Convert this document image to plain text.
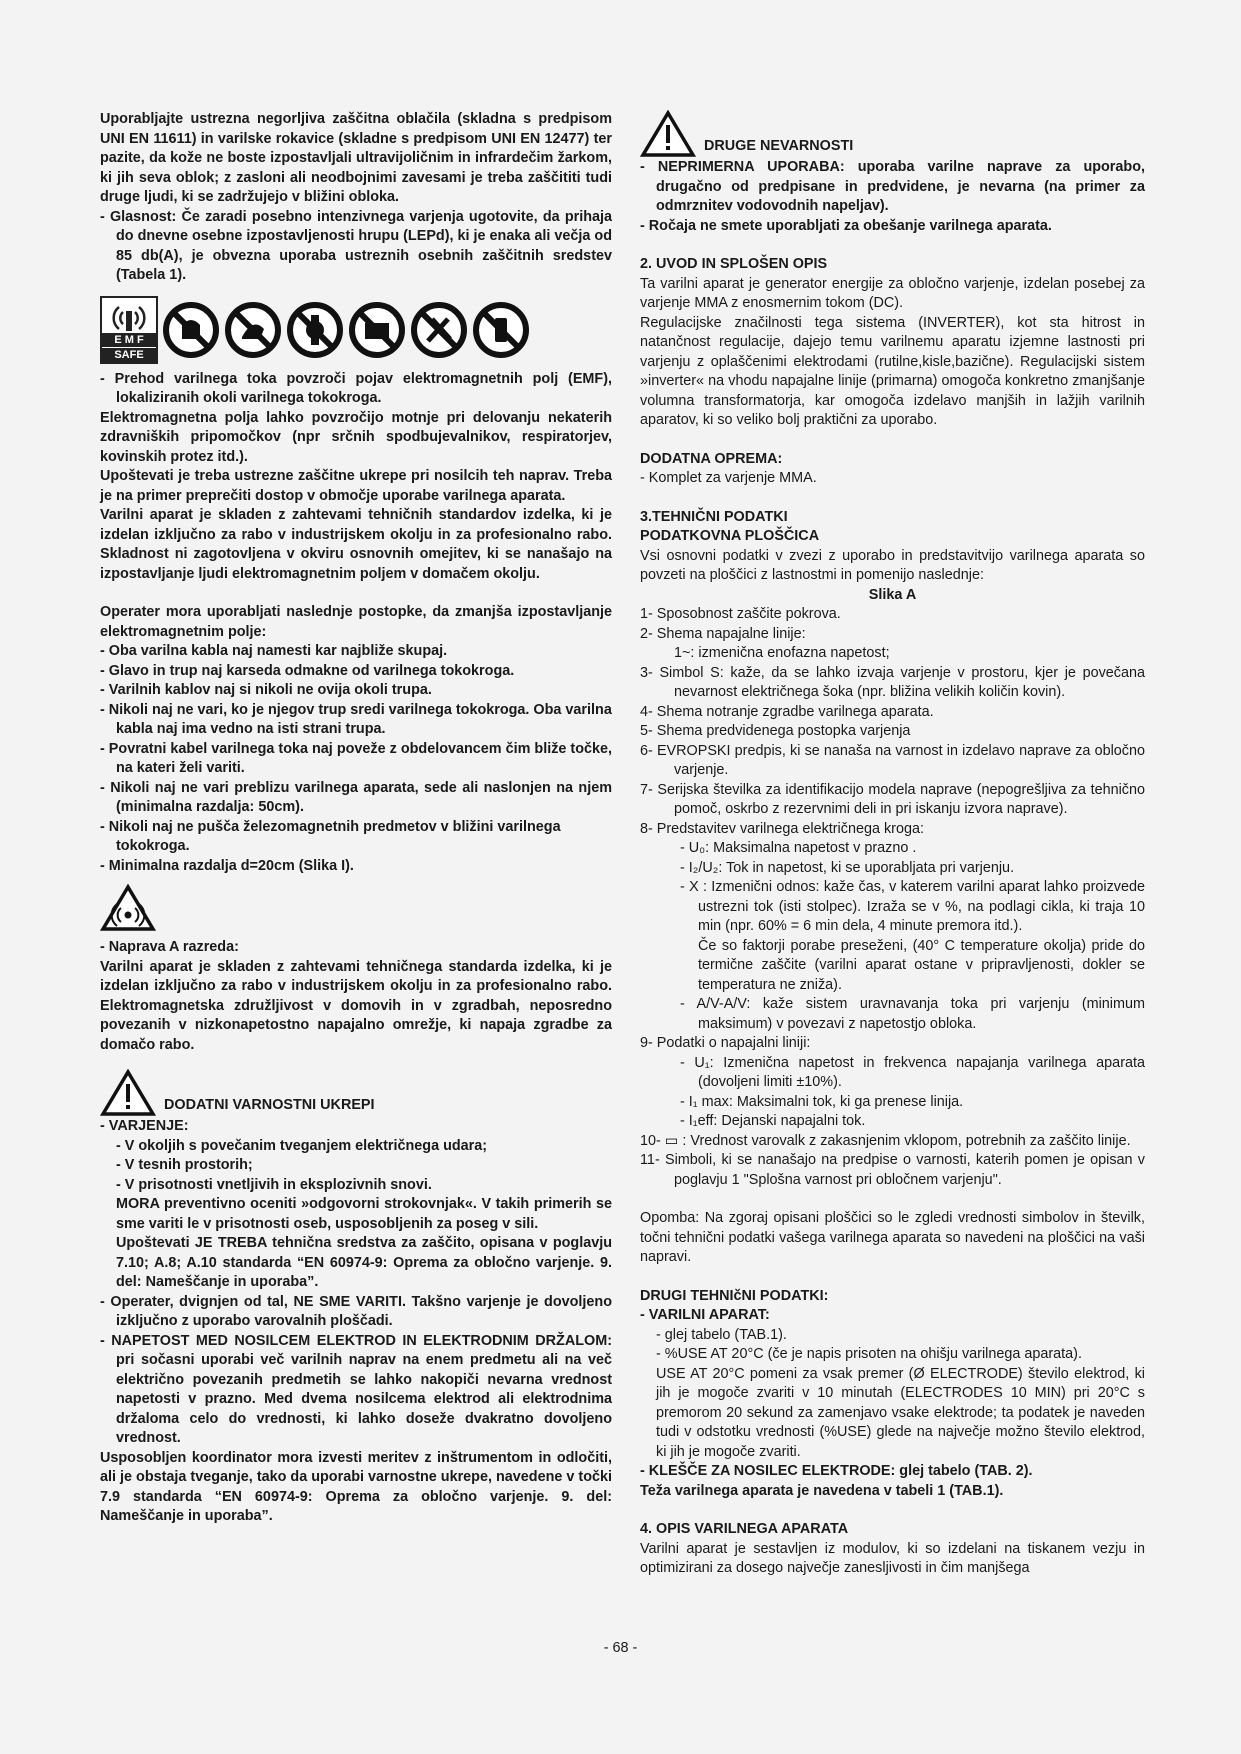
Uporabljajte ustrezna negorljiva zaščitna oblačila (skladna s predpisom UNI EN 11611) in varilske rokavice (skladne s predpisom UNI EN 12477) ter pazite, da kože ne boste izpostavljali ultravijoličnim in infrardečim žarkom, ki jih seva oblok; z zasloni ali neodbojnimi zavesami je treba zaščititi tudi druge ljudi, ki se zadržujejo v bližini obloka.

- Glasnost: Če zaradi posebno intenzivnega varjenja ugotovite, da prihaja do dnevne osebne izpostavljenosti hrupu (LEPd), ki je enaka ali večja od 85 db(A), je obvezna uporaba ustreznih osebnih zaščitnih sredstev (Tabela 1).

E M F
SAFE

- Prehod varilnega toka povzroči pojav elektromagnetnih polj (EMF), lokaliziranih okoli varilnega tokokroga.

Elektromagnetna polja lahko povzročijo motnje pri delovanju nekaterih zdravniških pripomočkov (npr srčnih spodbujevalnikov, respiratorjev, kovinskih protez itd.).

Upoštevati je treba ustrezne zaščitne ukrepe pri nosilcih teh naprav. Treba je na primer preprečiti dostop v območje uporabe varilnega aparata.

Varilni aparat je skladen z zahtevami tehničnih standardov izdelka, ki je izdelan izključno za rabo v industrijskem okolju in za profesionalno rabo. Skladnost ni zagotovljena v okviru osnovnih omejitev, ki se nanašajo na izpostavljanje ljudi elektromagnetnim poljem v domačem okolju.

Operater mora uporabljati naslednje postopke, da zmanjša izpostavljanje elektromagnetnim polje:

- Oba varilna kabla naj namesti kar najbliže skupaj.

- Glavo in trup naj karseda odmakne od varilnega tokokroga.

- Varilnih kablov naj si nikoli ne ovija okoli trupa.

- Nikoli naj ne vari, ko je njegov trup sredi varilnega tokokroga. Oba varilna kabla naj ima vedno na isti strani trupa.

- Povratni kabel varilnega toka naj poveže z obdelovancem čim bliže točke, na kateri želi variti.

- Nikoli naj ne vari preblizu varilnega aparata, sede ali naslonjen na njem (minimalna razdalja: 50cm).

- Nikoli naj ne pušča železomagnetnih predmetov v bližini varilnega tokokroga.

- Minimalna razdalja d=20cm (Slika I).

- Naprava A razreda:

Varilni aparat je skladen z zahtevami tehničnega standarda izdelka, ki je izdelan izključno za rabo v industrijskem okolju in za profesionalno rabo. Elektromagnetska združljivost v domovih in v zgradbah, neposredno povezanih v nizkonapetostno napajalno omrežje, ki napaja zgradbe za domačo rabo.

DODATNI VARNOSTNI UKREPI

- VARJENJE:

- V okoljih s povečanim tveganjem električnega udara;

- V tesnih prostorih;

- V prisotnosti vnetljivih in eksplozivnih snovi.

MORA preventivno oceniti »odgovorni strokovnjak«. V takih primerih se sme variti le v prisotnosti oseb, usposobljenih za poseg v sili.

Upoštevati JE TREBA tehnična sredstva za zaščito, opisana v poglavju 7.10; A.8; A.10 standarda “EN 60974-9: Oprema za obločno varjenje. 9. del: Nameščanje in uporaba”.

- Operater, dvignjen od tal, NE SME VARITI. Takšno varjenje je dovoljeno izključno z uporabo varovalnih ploščadi.

- NAPETOST MED NOSILCEM ELEKTROD IN ELEKTRODNIM DRŽALOM: pri sočasni uporabi več varilnih naprav na enem predmetu ali na več električno povezanih predmetih se lahko nakopiči nevarna vrednost napetosti v prazno. Med dvema nosilcema elektrod ali elektrodnima držaloma celo do vrednosti, ki lahko doseže dvakratno dovoljeno vrednost.

Usposobljen koordinator mora izvesti meritev z inštrumentom in odločiti, ali je obstaja tveganje, tako da uporabi varnostne ukrepe, navedene v točki 7.9 standarda “EN 60974-9: Oprema za obločno varjenje. 9. del: Nameščanje in uporaba”.

DRUGE NEVARNOSTI

- NEPRIMERNA UPORABA: uporaba varilne naprave za uporabo, drugačno od predpisane in predvidene, je nevarna (na primer za odmrznitev vodovodnih napeljav).

- Ročaja ne smete uporabljati za obešanje varilnega aparata.

2. UVOD IN SPLOŠEN OPIS

Ta varilni aparat je generator energije za obločno varjenje, izdelan posebej za varjenje MMA z enosmernim tokom (DC).

Regulacijske značilnosti tega sistema (INVERTER), kot sta hitrost in natančnost regulacije, dajejo temu varilnemu aparatu izjemne lastnosti pri varjenju z oplaščenimi elektrodami (rutilne,kisle,bazične). Regulacijski sistem »inverter« na vhodu napajalne linije (primarna) omogoča konkretno zmanjšanje volumna transformatorja, kar omogoča izdelavo manjših in lažjih varilnih aparatov, ki so veliko bolj praktični za uporabo.

DODATNA OPREMA:

- Komplet za varjenje MMA.

3.TEHNIČNI PODATKI

PODATKOVNA PLOŠČICA

Vsi osnovni podatki v zvezi z uporabo in predstavitvijo varilnega aparata so povzeti na ploščici z lastnostmi in pomenijo naslednje:

Slika A

1- Sposobnost zaščite pokrova.

2- Shema napajalne linije:

1~: izmenična enofazna napetost;

3- Simbol S: kaže, da se lahko izvaja varjenje v prostoru, kjer je povečana nevarnost električnega šoka (npr. bližina velikih količin kovin).

4- Shema notranje zgradbe varilnega aparata.

5- Shema predvidenega postopka varjenja

6- EVROPSKI predpis, ki se nanaša na varnost in izdelavo naprave za obločno varjenje.

7- Serijska številka za identifikacijo modela naprave (nepogrešljiva za tehnično pomoč, oskrbo z rezervnimi deli in pri iskanju izvora naprave).

8- Predstavitev varilnega električnega kroga:

- U₀: Maksimalna napetost v prazno .

- I₂/U₂: Tok in napetost, ki se uporabljata pri varjenju.

- X : Izmenični odnos: kaže čas, v katerem varilni aparat lahko proizvede ustrezni tok (isti stolpec). Izraža se v %, na podlagi cikla, ki traja 10 min (npr. 60% = 6 min dela, 4 minute premora itd.).

Če so faktorji porabe preseženi, (40° C temperature okolja) pride do termične zaščite (varilni aparat ostane v pripravljenosti, dokler se temperatura ne zniža).

- A/V-A/V: kaže sistem uravnavanja toka pri varjenju (minimum maksimum) v povezavi z napetostjo obloka.

9- Podatki o napajalni liniji:

- U₁: Izmenična napetost in frekvenca napajanja varilnega aparata (dovoljeni limiti ±10%).

- I₁ max: Maksimalni tok, ki ga prenese linija.

- I₁eff: Dejanski napajalni tok.

10- ▭ : Vrednost varovalk z zakasnjenim vklopom, potrebnih za zaščito linije.

11- Simboli, ki se nanašajo na predpise o varnosti, katerih pomen je opisan v poglavju 1 "Splošna varnost pri obločnem varjenju".

Opomba: Na zgoraj opisani ploščici so le zgledi vrednosti simbolov in številk, točni tehnični podatki vašega varilnega aparata so navedeni na ploščici na vaši napravi.

DRUGI TEHNIčNI PODATKI:

- VARILNI APARAT:

- glej tabelo (TAB.1).

- %USE AT 20°C (če je napis prisoten na ohišju varilnega aparata).

USE AT 20°C pomeni za vsak premer (Ø ELECTRODE) število elektrod, ki jih je mogoče zvariti v 10 minutah (ELECTRODES 10 MIN) pri 20°C s premorom 20 sekund za zamenjavo vsake elektrode; ta podatek je naveden tudi v odstotku vrednosti (%USE) glede na največje možno število elektrod, ki jih je mogoče zvariti.

- KLEŠČE ZA NOSILEC ELEKTRODE: glej tabelo (TAB. 2).

Teža varilnega aparata je navedena v tabeli 1 (TAB.1).

4. OPIS VARILNEGA APARATA

Varilni aparat je sestavljen iz modulov, ki so izdelani na tiskanem vezju in optimizirani za dosego največje zanesljivosti in čim manjšega

- 68 -
